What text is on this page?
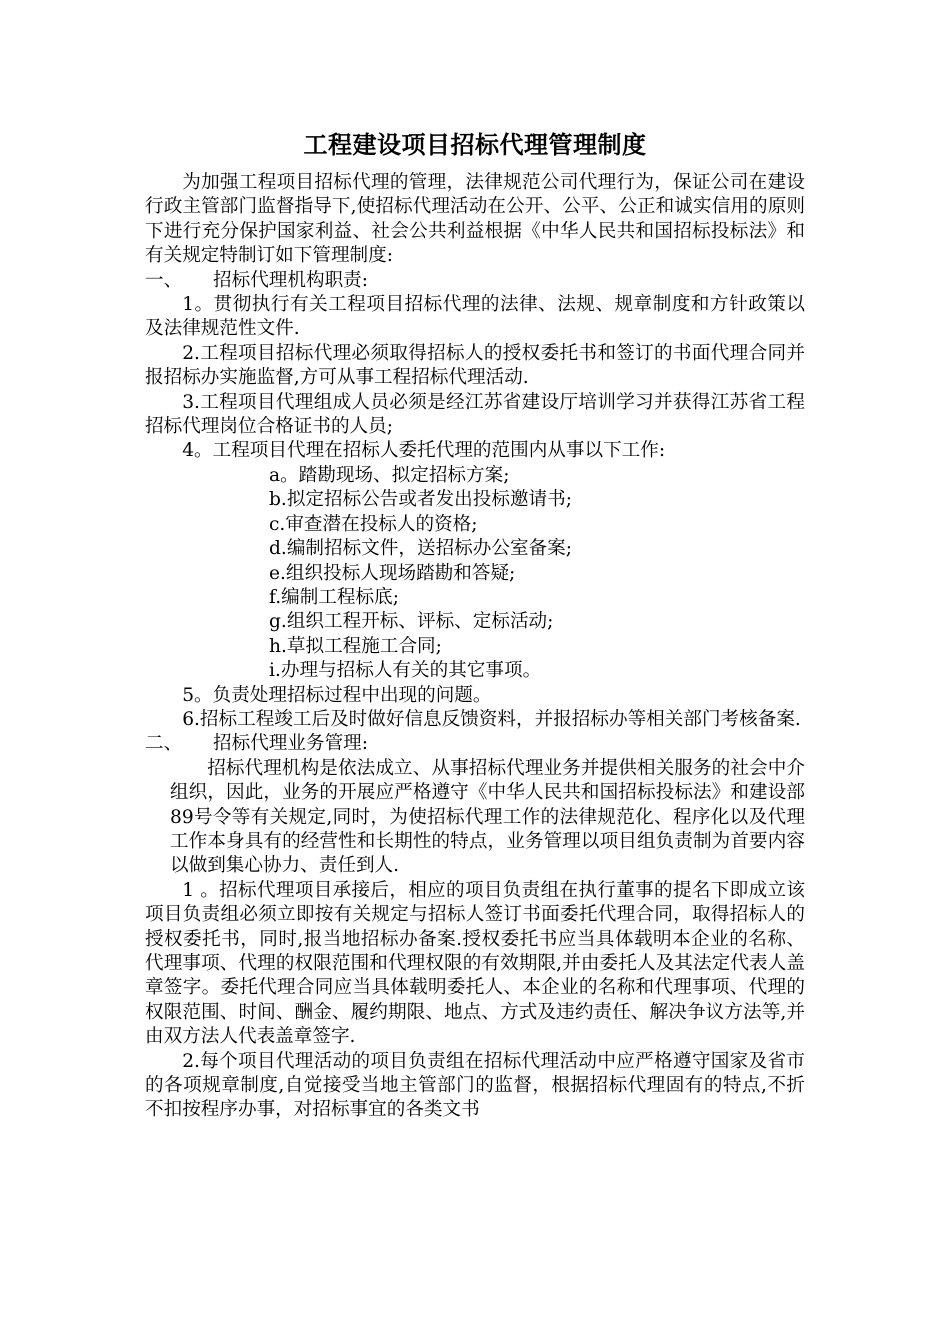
工程建设项目招标代理管理制度

为加强工程项目招标代理的管理，法律规范公司代理行为，保证公司在建设行政主管部门监督指导下,使招标代理活动在公开、公平、公正和诚实信用的原则下进行充分保护国家利益、社会公共利益根据《中华人民共和国招标投标法》和有关规定特制订如下管理制度:

一、 招标代理机构职责:

1。贯彻执行有关工程项目招标代理的法律、法规、规章制度和方针政策以及法律规范性文件.

2.工程项目招标代理必须取得招标人的授权委托书和签订的书面代理合同并报招标办实施监督,方可从事工程招标代理活动.

3.工程项目代理组成人员必须是经江苏省建设厅培训学习并获得江苏省工程招标代理岗位合格证书的人员;

4。工程项目代理在招标人委托代理的范围内从事以下工作:

a。踏勘现场、拟定招标方案;

b.拟定招标公告或者发出投标邀请书;

c.审查潜在投标人的资格;

d.编制招标文件，送招标办公室备案;

e.组织投标人现场踏勘和答疑;

f.编制工程标底;

g.组织工程开标、评标、定标活动;

h.草拟工程施工合同;

i.办理与招标人有关的其它事项。

5。负责处理招标过程中出现的问题。

6.招标工程竣工后及时做好信息反馈资料，并报招标办等相关部门考核备案.

二、 招标代理业务管理:

招标代理机构是依法成立、从事招标代理业务并提供相关服务的社会中介组织，因此，业务的开展应严格遵守《中华人民共和国招标投标法》和建设部89号令等有关规定,同时，为使招标代理工作的法律规范化、程序化以及代理工作本身具有的经营性和长期性的特点，业务管理以项目组负责制为首要内容以做到集心协力、责任到人.

1 。招标代理项目承接后，相应的项目负责组在执行董事的提名下即成立该项目负责组必须立即按有关规定与招标人签订书面委托代理合同，取得招标人的授权委托书，同时,报当地招标办备案.授权委托书应当具体载明本企业的名称、代理事项、代理的权限范围和代理权限的有效期限,并由委托人及其法定代表人盖章签字。委托代理合同应当具体载明委托人、本企业的名称和代理事项、代理的权限范围、时间、酬金、履约期限、地点、方式及违约责任、解决争议方法等,并由双方法人代表盖章签字.

2.每个项目代理活动的项目负责组在招标代理活动中应严格遵守国家及省市的各项规章制度,自觉接受当地主管部门的监督，根据招标代理固有的特点,不折不扣按程序办事，对招标事宜的各类文书
